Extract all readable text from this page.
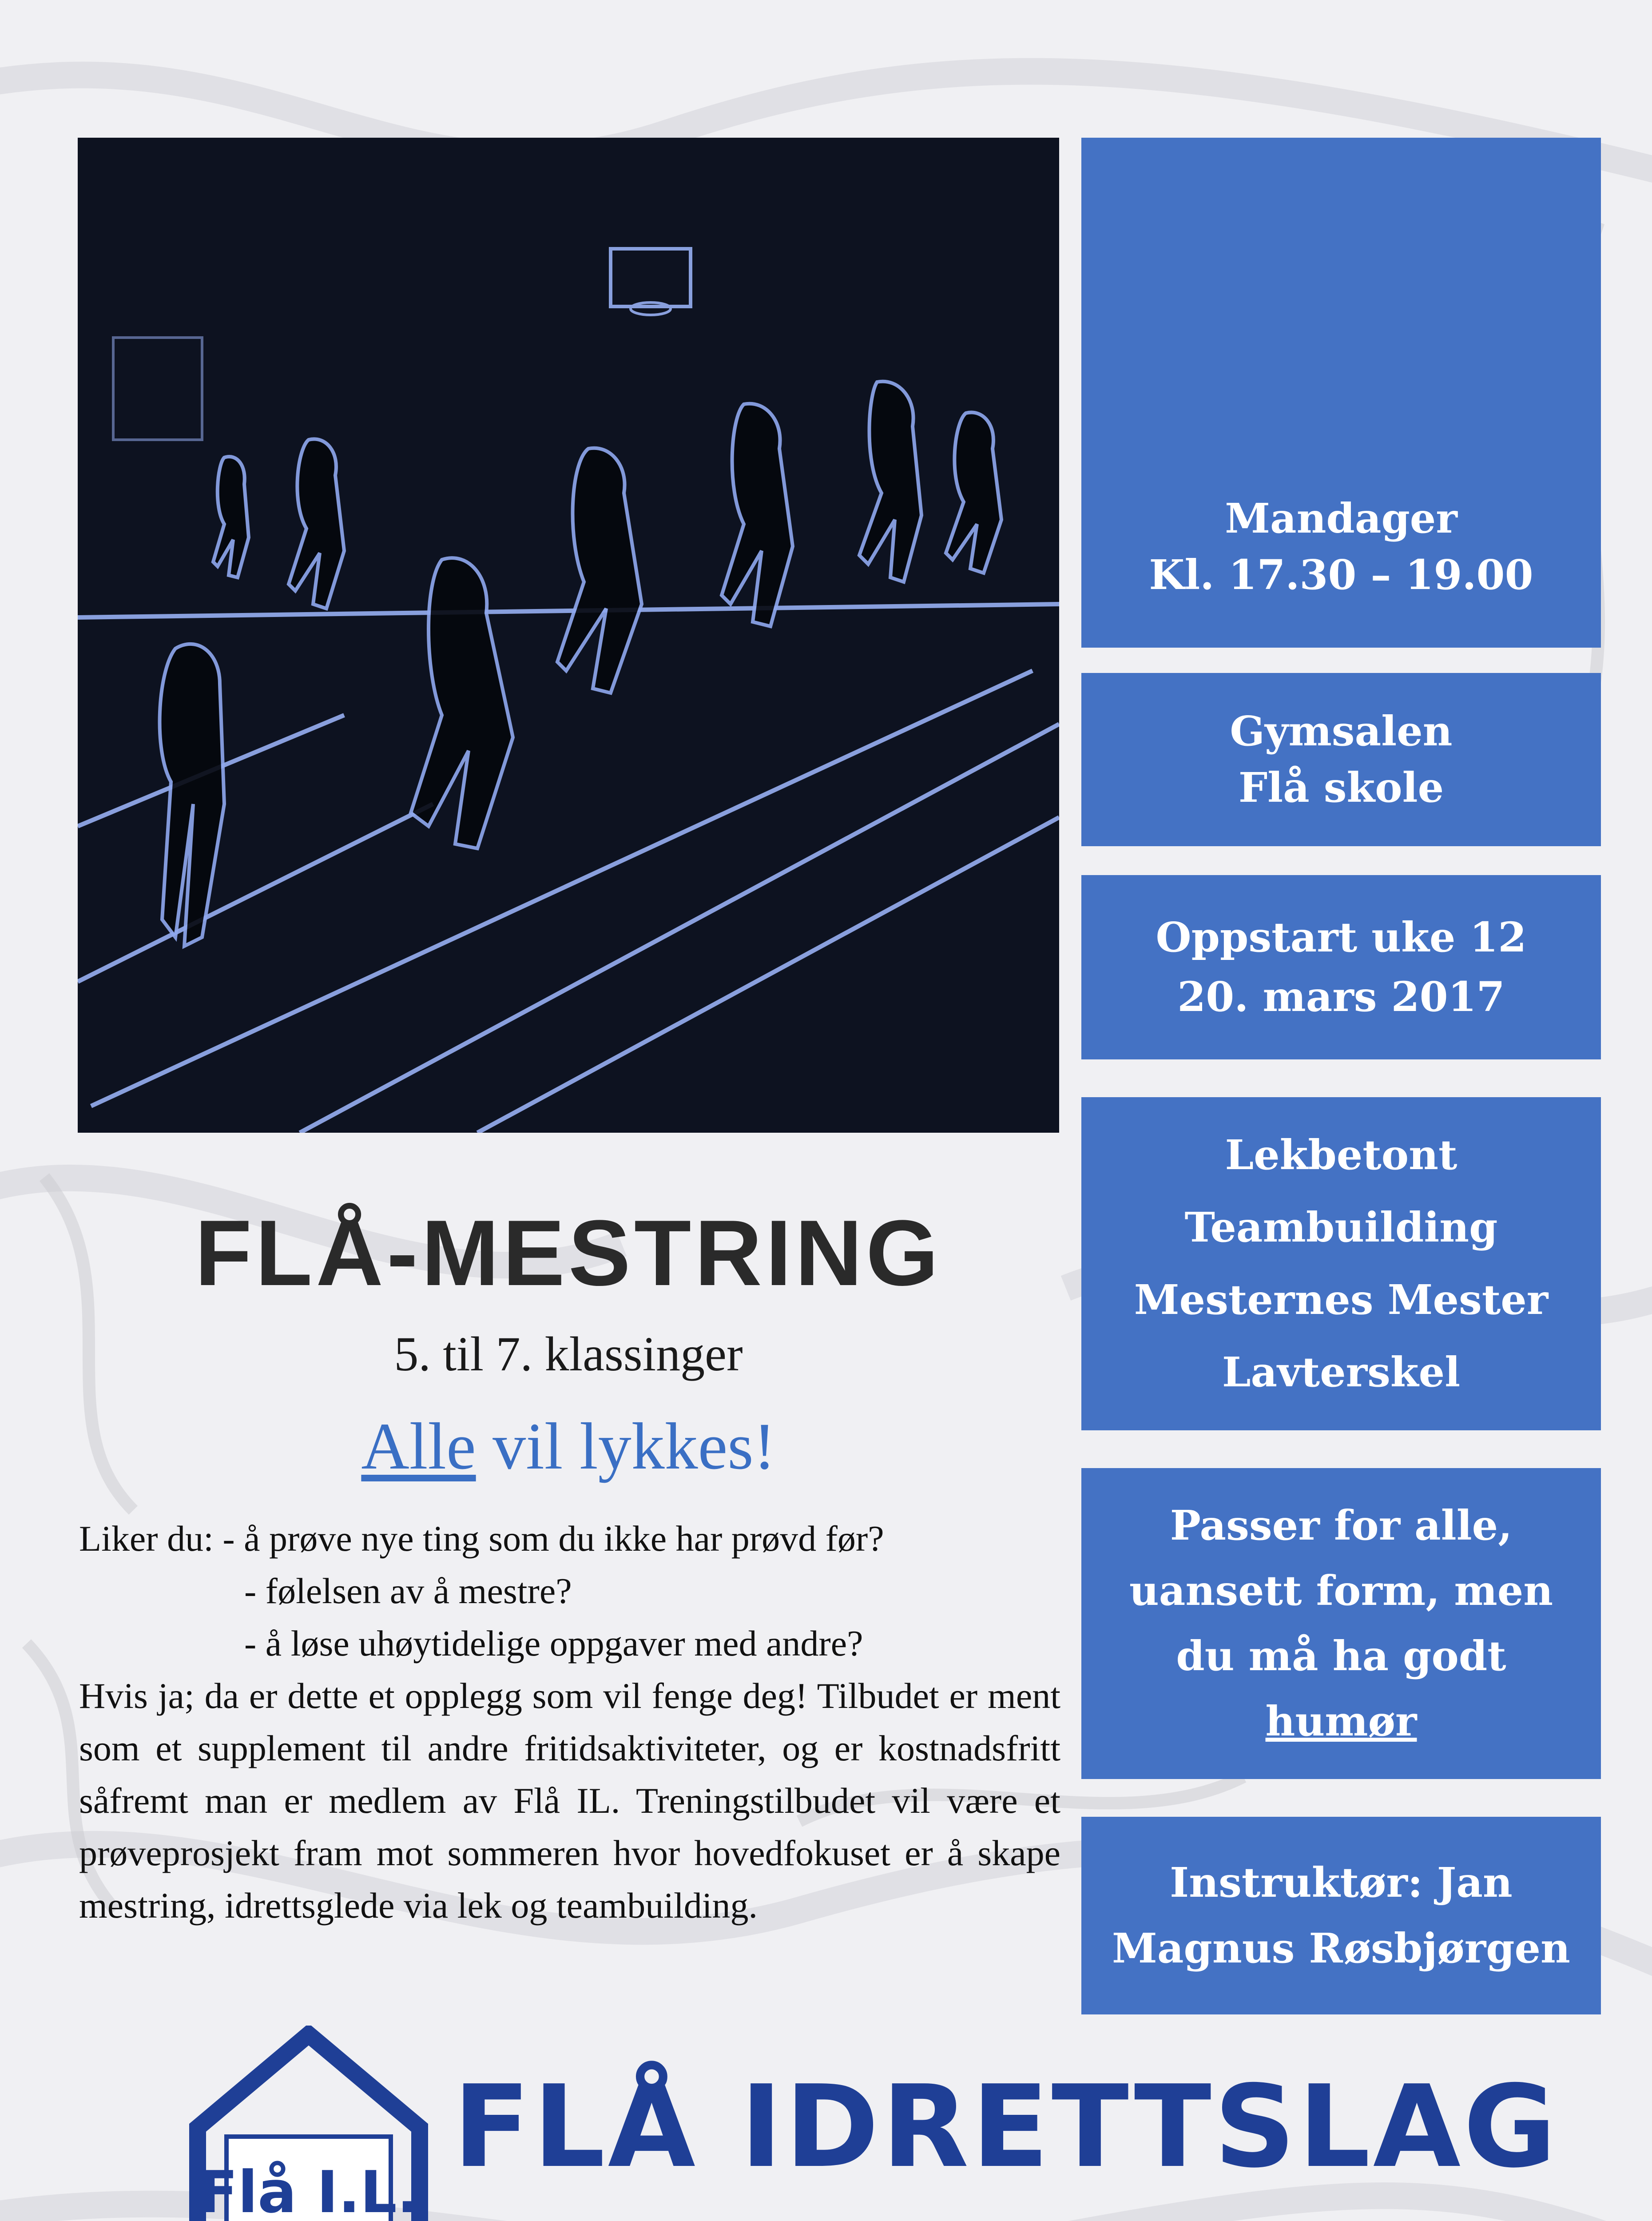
Mandager
Kl. 17.30 – 19.00
Gymsalen
Flå skole
Oppstart uke 12
20. mars 2017
Lekbetont
Teambuilding
Mesternes Mester
Lavterskel
Passer for alle,
uansett form, men
du må ha godt
humør
Instruktør: Jan
Magnus Røsbjørgen
FLÅ-MESTRING
5. til 7. klassinger
Alle vil lykkes!
Liker du: - å prøve nye ting som du ikke har prøvd før?
- følelsen av å mestre?
- å løse uhøytidelige oppgaver med andre?
Hvis ja; da er dette et opplegg som vil fenge deg! Tilbudet er ment som et supplement til andre fritidsaktiviteter, og er kostnadsfritt såfremt man er medlem av Flå IL. Treningstilbudet vil være et prøveprosjekt fram mot sommeren hvor hovedfokuset er å skape mestring, idrettsglede via lek og teambuilding.
Flå I.L. FLÅ IDRETTSLAG
